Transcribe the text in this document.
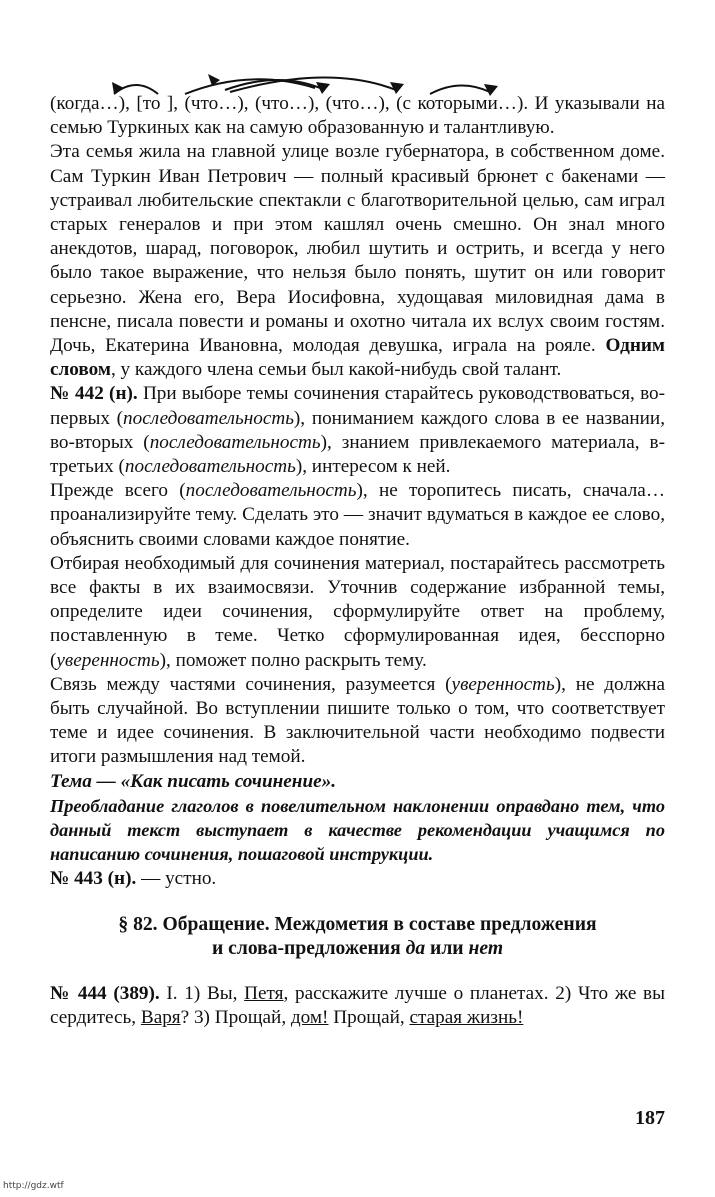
(когда…), [то ], (что…), (что…), (что…), (с которыми…). И указывали на семью Туркиных как на самую образованную и талантливую.

Эта семья жила на главной улице возле губернатора, в собственном доме. Сам Туркин Иван Петрович — полный красивый брюнет с бакенами — устраивал любительские спектакли с благотворительной целью, сам играл старых генералов и при этом кашлял очень смешно. Он знал много анекдотов, шарад, поговорок, любил шутить и острить, и всегда у него было такое выражение, что нельзя было понять, шутит он или говорит серьезно. Жена его, Вера Иосифовна, худощавая миловидная дама в пенсне, писала повести и романы и охотно читала их вслух своим гостям. Дочь, Екатерина Ивановна, молодая девушка, играла на рояле. Одним словом, у каждого члена семьи был какой-нибудь свой талант.

№ 442 (н). При выборе темы сочинения старайтесь руководствоваться, во-первых (последовательность), пониманием каждого слова в ее названии, во-вторых (последовательность), знанием привлекаемого материала, в-третьих (последовательность), интересом к ней.

Прежде всего (последовательность), не торопитесь писать, сначала… проанализируйте тему. Сделать это — значит вдуматься в каждое ее слово, объяснить своими словами каждое понятие.

Отбирая необходимый для сочинения материал, постарайтесь рассмотреть все факты в их взаимосвязи. Уточнив содержание избранной темы, определите идеи сочинения, сформулируйте ответ на проблему, поставленную в теме. Четко сформулированная идея, бесспорно (уверенность), поможет полно раскрыть тему.

Связь между частями сочинения, разумеется (уверенность), не должна быть случайной. Во вступлении пишите только о том, что соответствует теме и идее сочинения. В заключительной части необходимо подвести итоги размышления над темой.

Тема — «Как писать сочинение».

Преобладание глаголов в повелительном наклонении оправдано тем, что данный текст выступает в качестве рекомендации учащимся по написанию сочинения, пошаговой инструкции.

№ 443 (н). — устно.

§ 82. Обращение. Междометия в составе предложения
и слова-предложения да или нет

№ 444 (389). I. 1) Вы, Петя, расскажите лучше о планетах. 2) Что же вы сердитесь, Варя? 3) Прощай, дом! Прощай, старая жизнь!

187
http://gdz.wtf
